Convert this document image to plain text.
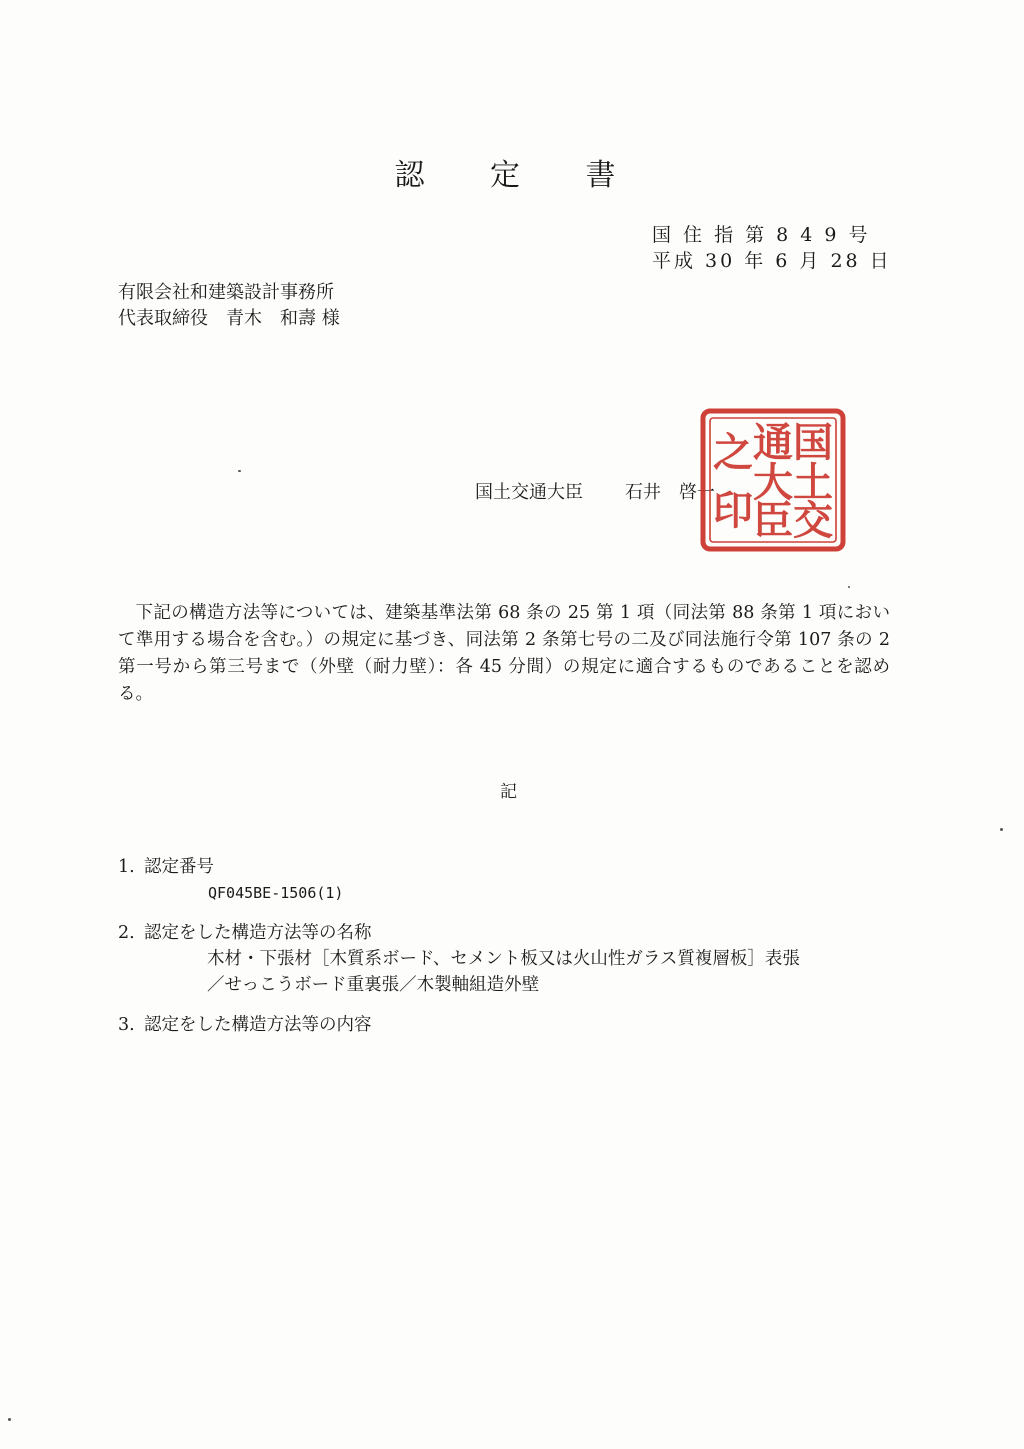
認 定 書
国 住 指 第 8 4 9 号
平成 30 年 6 月 28 日
有限会社和建築設計事務所
代表取締役　青木　和壽 様
国土交通大臣 石井　啓一
国
土
交
通
大
臣
之
印
下記の構造方法等については、建築基準法第 68 条の 25 第 1 項（同法第 88 条第 1 項において準用する場合を含む。）の規定に基づき、同法第 2 条第七号の二及び同法施行令第 107 条の 2 第一号から第三号まで（外壁（耐力壁）：各 45 分間）の規定に適合するものであることを認める。
記
1. 認定番号
QF045BE-1506(1)
2. 認定をした構造方法等の名称
木材・下張材［木質系ボード、セメント板又は火山性ガラス質複層板］表張
／せっこうボード重裏張／木製軸組造外壁
3. 認定をした構造方法等の内容
